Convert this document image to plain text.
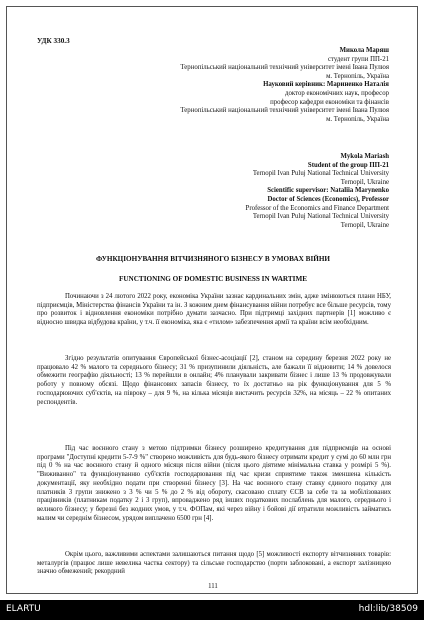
УДК 330.3
Микола Маряш
студент групи ПП-21
Тернопільський національний технічний університет імені Івана Пулюя
м. Тернопіль, Україна
Науковий керівник: Мариненко Наталія
доктор економічних наук, професор
професор кафедри економіки та фінансів
Тернопільський національний технічний університет імені Івана Пулюя
м. Тернопіль, Україна
Mykola Mariash
Student of the group ПП-21
Ternopil Ivan Puluj National Technical University
Ternopil, Ukraine
Scientific supervisor: Nataliia Marynenko
Doctor of Sciences (Economics), Professor
Professor of the Economics and Finance Department
Ternopil Ivan Puluj National Technical University
Ternopil, Ukraine
ФУНКЦІОНУВАННЯ ВІТЧИЗНЯНОГО БІЗНЕСУ В УМОВАХ ВІЙНИ
FUNCTIONING OF DOMESTIC BUSINESS IN WARTIME

Починаючи з 24 лютого 2022 року, економіка України зазнає кардинальних змін, адже змінюються плани НБУ, підприємців, Міністерства фінансів України та ін. З кожним днем фінансування війни потребує все більше ресурсів, тому про розвиток і відновлення економіки потрібно думати зазчасно. При підтримці західних партнерів [1] можливо є відносно швидка відбудова країни, у т.ч. її економіка, яка є «тилом» забезпечення армії та країни всім необхідним.

Згідно результатів опитування Європейської бізнес-асоціації [2], станом на середину березня 2022 року не працювало 42 % малого та середнього бізнесу; 31 % призупинили діяльність, але бажали її відновити; 14 % довелося обмежити географію діяльності; 13 % перейшли в онлайн; 4% планували закривати бізнес і лише 13 % продовжували роботу у повному обсязі. Щодо фінансових запасів бізнесу, то їх достатньо на рік функціонування для 5 % господарюючих суб'єктів, на півроку – для 9 %, на кілька місяців вистачить ресурсів 32%, на місяць – 22 % опитаних респондентів.

Під час воєнного стану з метою підтримки бізнесу розширено кредитування для підприємців на основі програми "Доступні кредити 5-7-9 %" створено можливість для будь-якого бізнесу отримати кредит у сумі до 60 млн грн під 0 % на час воєнного стану й одного місяця після війни (після цього діятиме мінімальна ставка у розмірі 5 %). "Виживанно" та функціонуванню суб'єктів господарювання під час кризи сприятиме також зменшена кількість документації, яку необхідно подати при створенні бізнесу [3]. На час воєнного стану ставку єдиного податку для платників 3 групи знижено з 3 % чи 5 % до 2 % від обороту, скасовано сплату ЄСВ за себе та за мобілізованих працівників (платникам податку 2 і 3 груп), впроваджено ряд інших податкових послаблень для малого, середнього і великого бізнесу; у березні без жодних умов, у т.ч. ФОПам, які через війну і бойові дії втратили можливість займатись малим чи середнім бізнесом, урядом виплачено 6500 грн [4].

Окрім цього, важливими аспектами залишаються питання щодо [5] можливості експорту вітчизняних товарів: металургів (працює лише невелика частка сектору) та сільське господарство (порти заблоковані, а експорт залізницею значно обмежений; рекордний

111
ELARTU	hdl:lib/38509
